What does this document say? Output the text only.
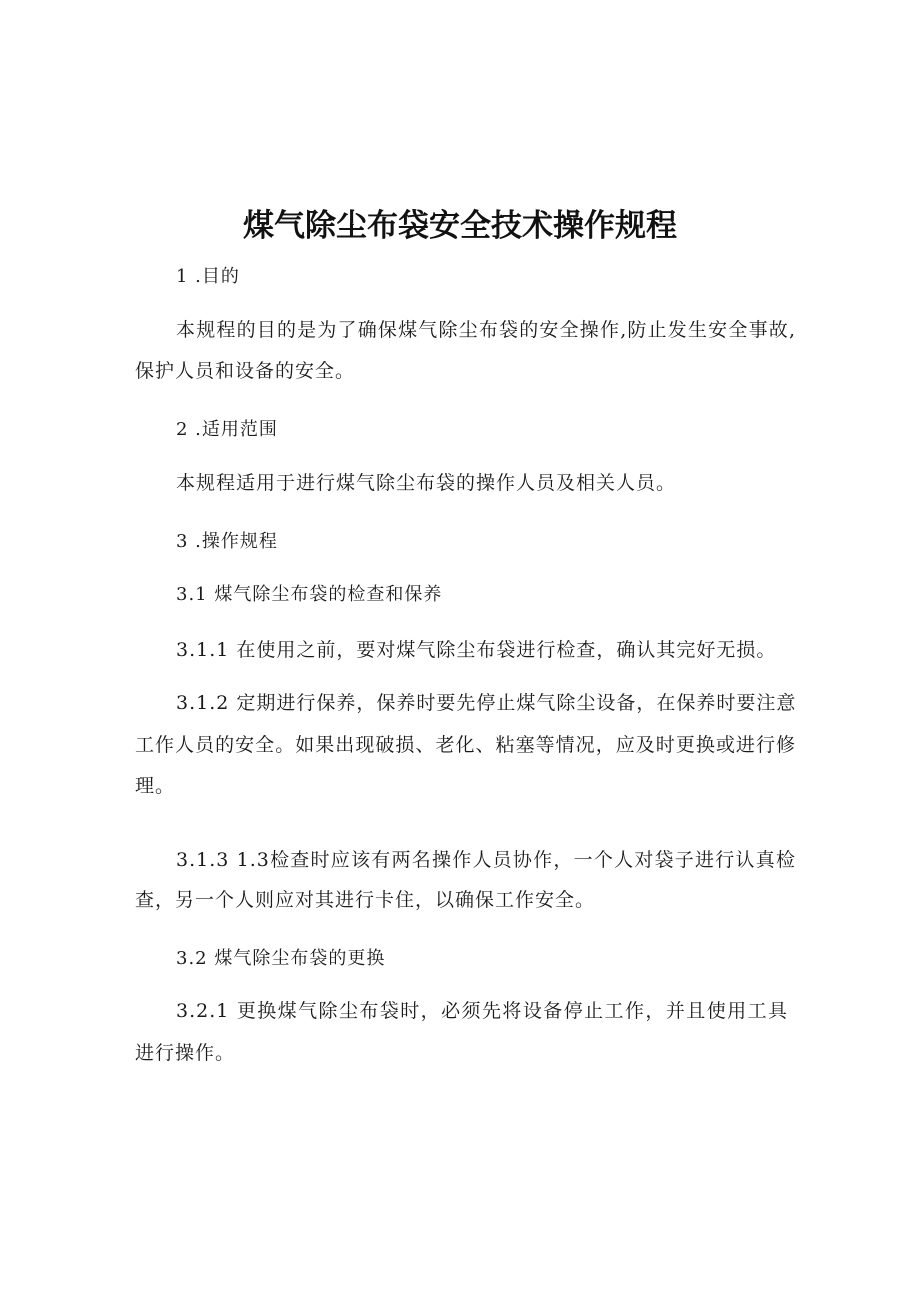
煤气除尘布袋安全技术操作规程
1 .目的
本规程的目的是为了确保煤气除尘布袋的安全操作,防止发生安全事故,
保护人员和设备的安全。
2 .适用范围
本规程适用于进行煤气除尘布袋的操作人员及相关人员。
3 .操作规程
3.1 煤气除尘布袋的检查和保养
3.1.1 在使用之前，要对煤气除尘布袋进行检查，确认其完好无损。
3.1.2 定期进行保养，保养时要先停止煤气除尘设备，在保养时要注意
工作人员的安全。如果出现破损、老化、粘塞等情况，应及时更换或进行修
理。
3.1.3 1.3检查时应该有两名操作人员协作，一个人对袋子进行认真检
查，另一个人则应对其进行卡住，以确保工作安全。
3.2 煤气除尘布袋的更换
3.2.1 更换煤气除尘布袋时，必须先将设备停止工作，并且使用工具
进行操作。
